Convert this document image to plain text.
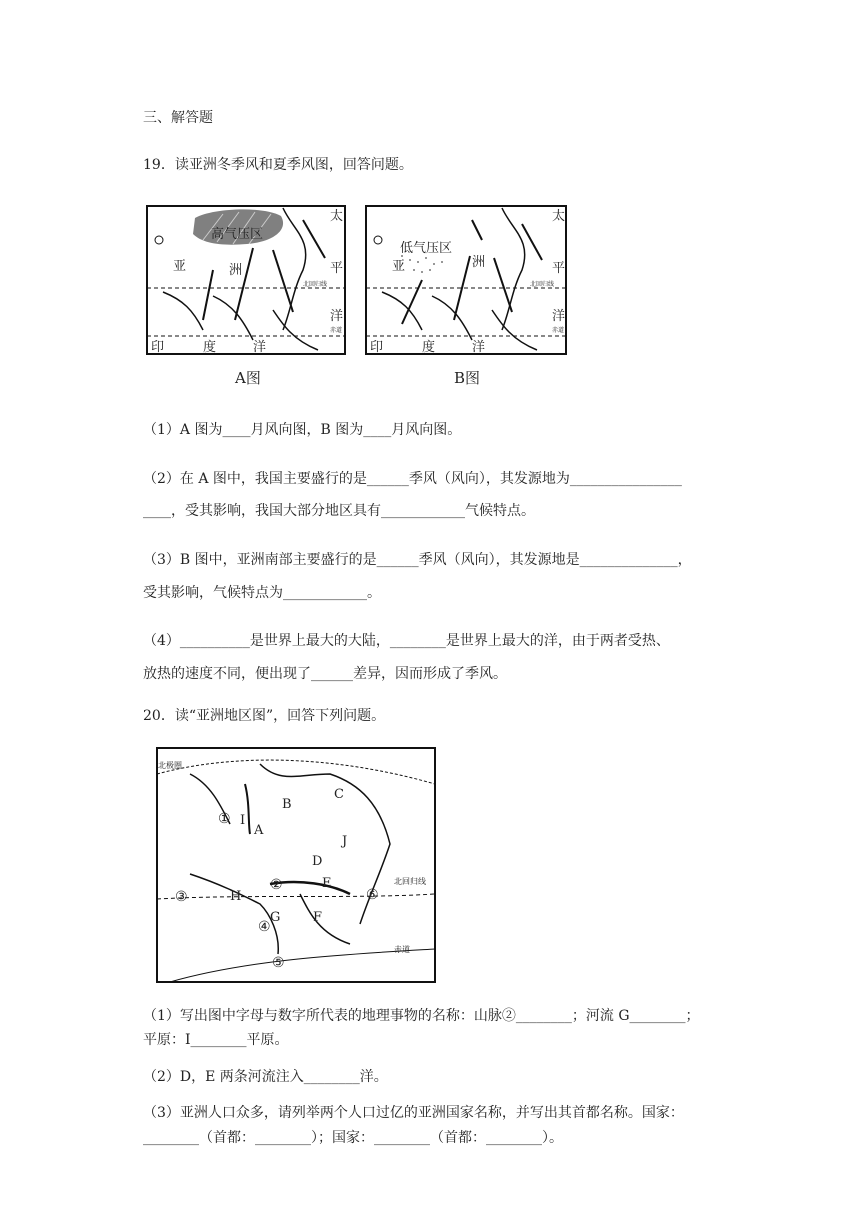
三、解答题
19．读亚洲冬季风和夏季风图，回答问题。
高气压区
亚	洲
太
平
洋
北回归线
赤道
印	度	洋
A图
低气压区
亚	洲
太
平
洋
北回归线
赤道
印	度	洋
B图
（1）A 图为____月风向图，B 图为____月风向图。
（2）在 A 图中，我国主要盛行的是______季风（风向），其发源地为________________
____，受其影响，我国大部分地区具有____________气候特点。
（3）B 图中，亚洲南部主要盛行的是______季风（风向），其发源地是______________，
受其影响，气候特点为____________。
（4）__________是世界上最大的大陆，________是世界上最大的洋，由于两者受热、
放热的速度不同，便出现了______差异，因而形成了季风。
20．读“亚洲地区图”，回答下列问题。
北极圈
北回归线
赤道
A
B
C
D
E
F
G
H
I
J
①
②
③
④
⑤
⑥
（1）写出图中字母与数字所代表的地理事物的名称：山脉②________；河流 G________；
平原：I________平原。
（2）D，E 两条河流注入________洋。
（3）亚洲人口众多，请列举两个人口过亿的亚洲国家名称，并写出其首都名称。国家：
________（首都：________）；国家：________（首都：________）。
